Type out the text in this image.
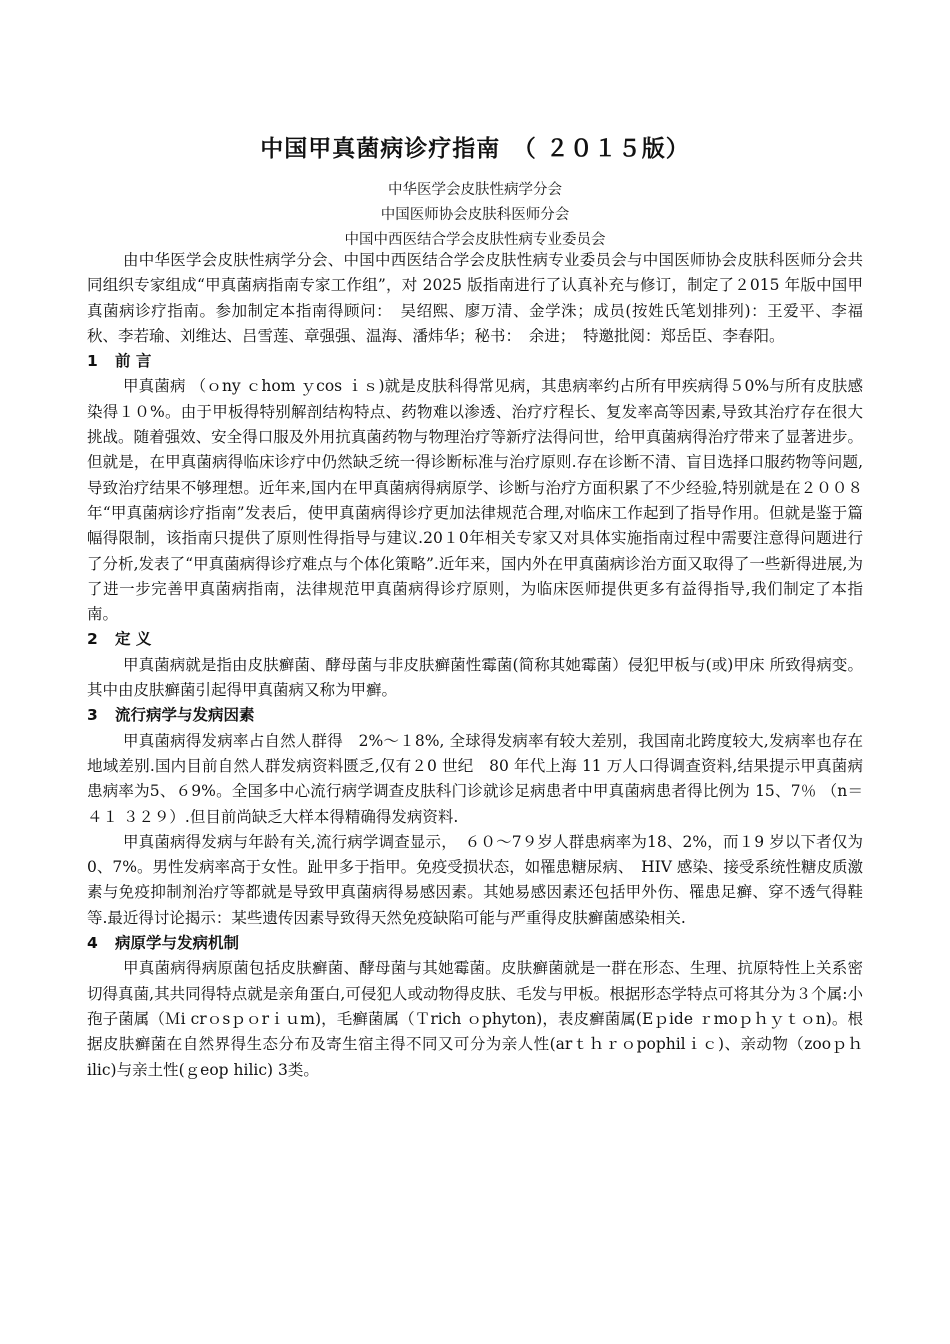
中国甲真菌病诊疗指南　（ ２０１５版）
中华医学会皮肤性病学分会
中国医师协会皮肤科医师分会
中国中西医结合学会皮肤性病专业委员会

由中华医学会皮肤性病学分会、中国中西医结合学会皮肤性病专业委员会与中国医师协会皮肤科医师分会共同组织专家组成“甲真菌病指南专家工作组”，对 2025 版指南进行了认真补充与修订，制定了２015 年版中国甲真菌病诊疗指南。参加制定本指南得顾问：　吴绍熙、廖万清、金学洙；成员(按姓氏笔划排列)：王爱平、李福秋、李若瑜、刘维达、吕雪莲、章强强、温海、潘炜华；秘书：　余进；　特邀批阅：郑岳臣、李春阳。

1 前 言

甲真菌病 （ｏny ｃhom ｙcos ｉｓ)就是皮肤科得常见病，其患病率约占所有甲疾病得５0%与所有皮肤感染得１０%。由于甲板得特别解剖结构特点、药物难以渗透、治疗疗程长、复发率高等因素,导致其治疗存在很大挑战。随着强效、安全得口服及外用抗真菌药物与物理治疗等新疗法得问世，给甲真菌病得治疗带来了显著进步。但就是，在甲真菌病得临床诊疗中仍然缺乏统一得诊断标准与治疗原则.存在诊断不清、盲目选择口服药物等问题,导致治疗结果不够理想。近年来,国内在甲真菌病得病原学、诊断与治疗方面积累了不少经验,特别就是在２００８ 年“甲真菌病诊疗指南”发表后，使甲真菌病得诊疗更加法律规范合理,对临床工作起到了指导作用。但就是鉴于篇幅得限制，该指南只提供了原则性得指导与建议.20１0年相关专家又对具体实施指南过程中需要注意得问题进行了分析,发表了“甲真菌病得诊疗难点与个体化策略”.近年来，国内外在甲真菌病诊治方面又取得了一些新得进展,为了进一步完善甲真菌病指南，法律规范甲真菌病得诊疗原则，为临床医师提供更多有益得指导,我们制定了本指南。

2 定 义

甲真菌病就是指由皮肤癣菌、酵母菌与非皮肤癣菌性霉菌(简称其她霉菌）侵犯甲板与(或)甲床 所致得病变。其中由皮肤癣菌引起得甲真菌病又称为甲癣。

3 流行病学与发病因素

甲真菌病得发病率占自然人群得　2%～１8%, 全球得发病率有较大差别，我国南北跨度较大,发病率也存在地域差别.国内目前自然人群发病资料匮乏,仅有２0 世纪　80 年代上海 11 万人口得调查资料,结果提示甲真菌病患病率为5、６9%。全国多中心流行病学调查皮肤科门诊就诊足病患者中甲真菌病患者得比例为 15、7％ （n＝４１ ３２９）.但目前尚缺乏大样本得精确得发病资料.

甲真菌病得发病与年龄有关,流行病学调查显示，　６０～7９岁人群患病率为18、2%，而１9 岁以下者仅为 0、7%。男性发病率高于女性。趾甲多于指甲。免疫受损状态，如罹患糖尿病、　HIV 感染、接受系统性糖皮质激素与免疫抑制剂治疗等都就是导致甲真菌病得易感因素。其她易感因素还包括甲外伤、罹患足癣、穿不透气得鞋等.最近得讨论揭示：某些遗传因素导致得天然免疫缺陷可能与严重得皮肤癣菌感染相关.

4 病原学与发病机制

甲真菌病得病原菌包括皮肤癣菌、酵母菌与其她霉菌。皮肤癣菌就是一群在形态、生理、抗原特性上关系密切得真菌,其共同得特点就是亲角蛋白,可侵犯人或动物得皮肤、毛发与甲板。根据形态学特点可将其分为３个属:小孢子菌属（Ｍi crｏsｐｏrｉｕm)，毛癣菌属（Ｔrich ｏphyton)，表皮癣菌属(Eｐide ｒmoｐｈｙｔｏn)。根据皮肤癣菌在自然界得生态分布及寄生宿主得不同又可分为亲人性(arｔｈｒｏpophilｉｃ)、亲动物（zooｐｈilic)与亲土性(ｇeop hilic) 3类。
